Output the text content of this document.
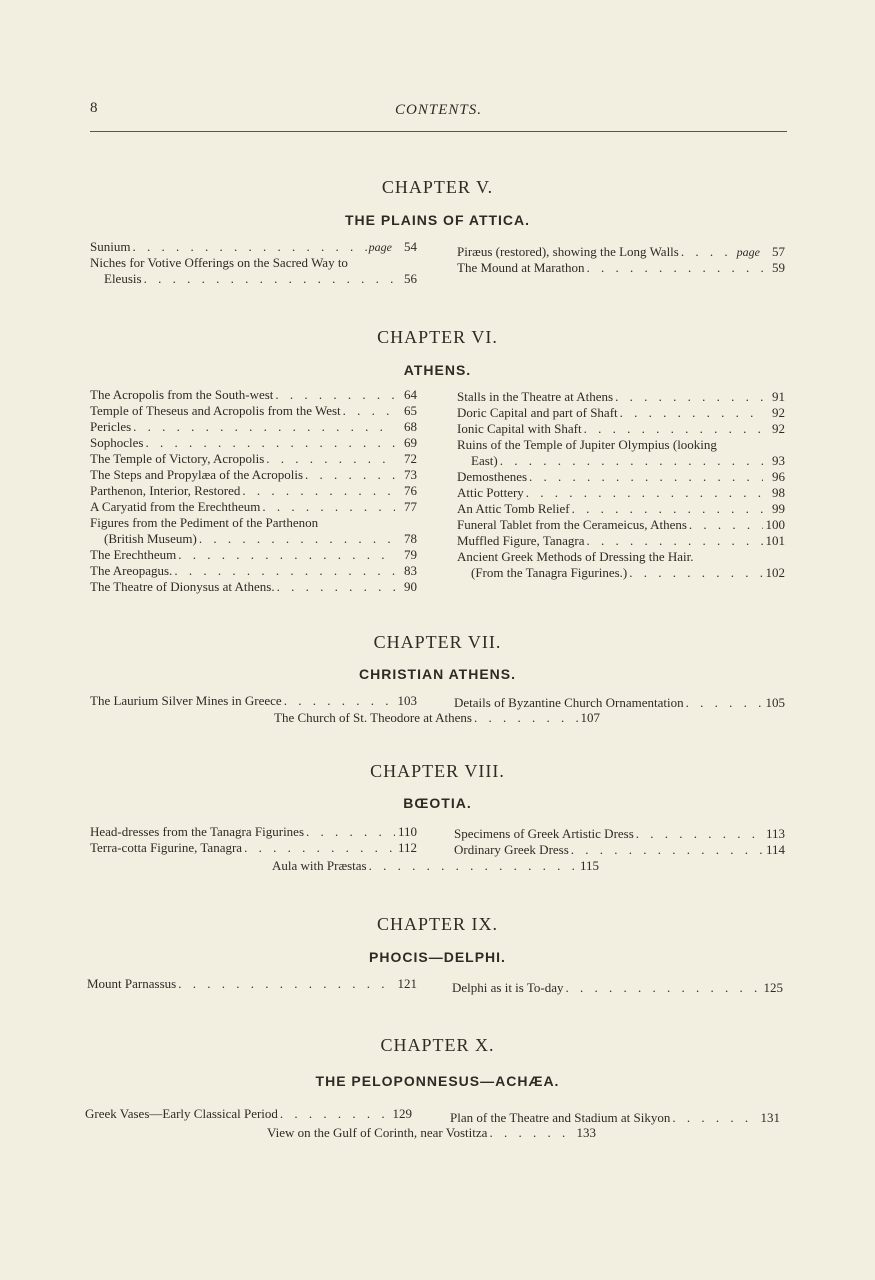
8	CONTENTS.
CHAPTER V.
THE PLAINS OF ATTICA.
Sunium . . .	page 54
Niches for Votive Offerings on the Sacred Way to
Eleusis . . .	56
Piræus (restored), showing the Long Walls . . .	page 57
The Mound at Marathon . . .	59
CHAPTER VI.
ATHENS.
The Acropolis from the South-west . . .	64
Temple of Theseus and Acropolis from the West . . .	65
Pericles . . .	68
Sophocles . . .	69
The Temple of Victory, Acropolis . . .	72
The Steps and Propylæa of the Acropolis . . .	73
Parthenon, Interior, Restored . . .	76
A Caryatid from the Erechtheum . . .	77
Figures from the Pediment of the Parthenon
(British Museum) . . .	78
The Erechtheum . . .	79
The Areopagus. . . .	83
The Theatre of Dionysus at Athens. . . .	90
Stalls in the Theatre at Athens . . .	91
Doric Capital and part of Shaft . . .	92
Ionic Capital with Shaft . . .	92
Ruins of the Temple of Jupiter Olympius (looking
East) . . .	93
Demosthenes . . .	96
Attic Pottery . . .	98
An Attic Tomb Relief . . .	99
Funeral Tablet from the Cerameicus, Athens . . .	100
Muffled Figure, Tanagra . . .	101
Ancient Greek Methods of Dressing the Hair.
(From the Tanagra Figurines.) . . .	102
CHAPTER VII.
CHRISTIAN ATHENS.
The Laurium Silver Mines in Greece . . .	103	Details of Byzantine Church Ornamentation . . .	105
The Church of St. Theodore at Athens . . .	107
CHAPTER VIII.
BŒOTIA.
Head-dresses from the Tanagra Figurines . . .	110
Terra-cotta Figurine, Tanagra . . .	112
Specimens of Greek Artistic Dress . . .	113
Ordinary Greek Dress . . .	114
Aula with Præstas . . .	115
CHAPTER IX.
PHOCIS—DELPHI.
Mount Parnassus . . .	121	Delphi as it is To-day . . .	125
CHAPTER X.
THE PELOPONNESUS—ACHÆA.
Greek Vases—Early Classical Period . . .	129	Plan of the Theatre and Stadium at Sikyon . . .	131
View on the Gulf of Corinth, near Vostitza . . .	133
